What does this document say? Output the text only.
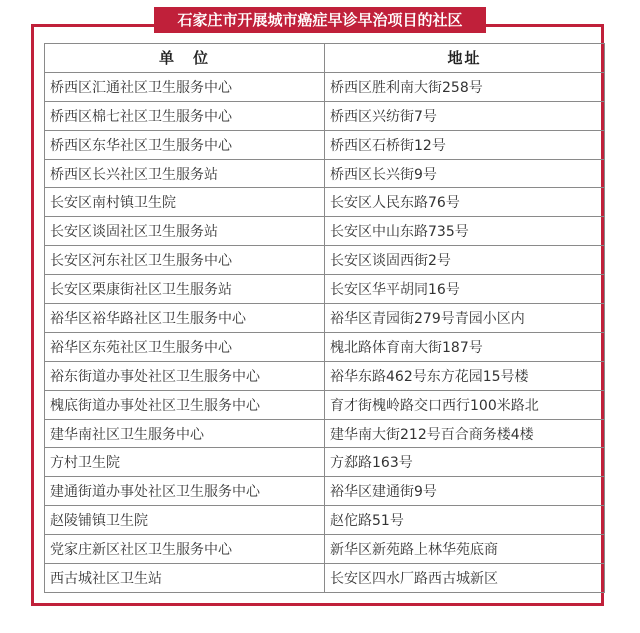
石家庄市开展城市癌症早诊早治项目的社区
单　位	地址
桥西区汇通社区卫生服务中心	桥西区胜利南大街258号
桥西区棉七社区卫生服务中心	桥西区兴纺街7号
桥西区东华社区卫生服务中心	桥西区石桥街12号
桥西区长兴社区卫生服务站	桥西区长兴街9号
长安区南村镇卫生院	长安区人民东路76号
长安区谈固社区卫生服务站	长安区中山东路735号
长安区河东社区卫生服务中心	长安区谈固西街2号
长安区栗康街社区卫生服务站	长安区华平胡同16号
裕华区裕华路社区卫生服务中心	裕华区青园街279号青园小区内
裕华区东苑社区卫生服务中心	槐北路体育南大街187号
裕东街道办事处社区卫生服务中心	裕华东路462号东方花园15号楼
槐底街道办事处社区卫生服务中心	育才街槐岭路交口西行100米路北
建华南社区卫生服务中心	建华南大街212号百合商务楼4楼
方村卫生院	方郄路163号
建通街道办事处社区卫生服务中心	裕华区建通街9号
赵陵铺镇卫生院	赵佗路51号
党家庄新区社区卫生服务中心	新华区新苑路上林华苑底商
西古城社区卫生站	长安区四水厂路西古城新区
